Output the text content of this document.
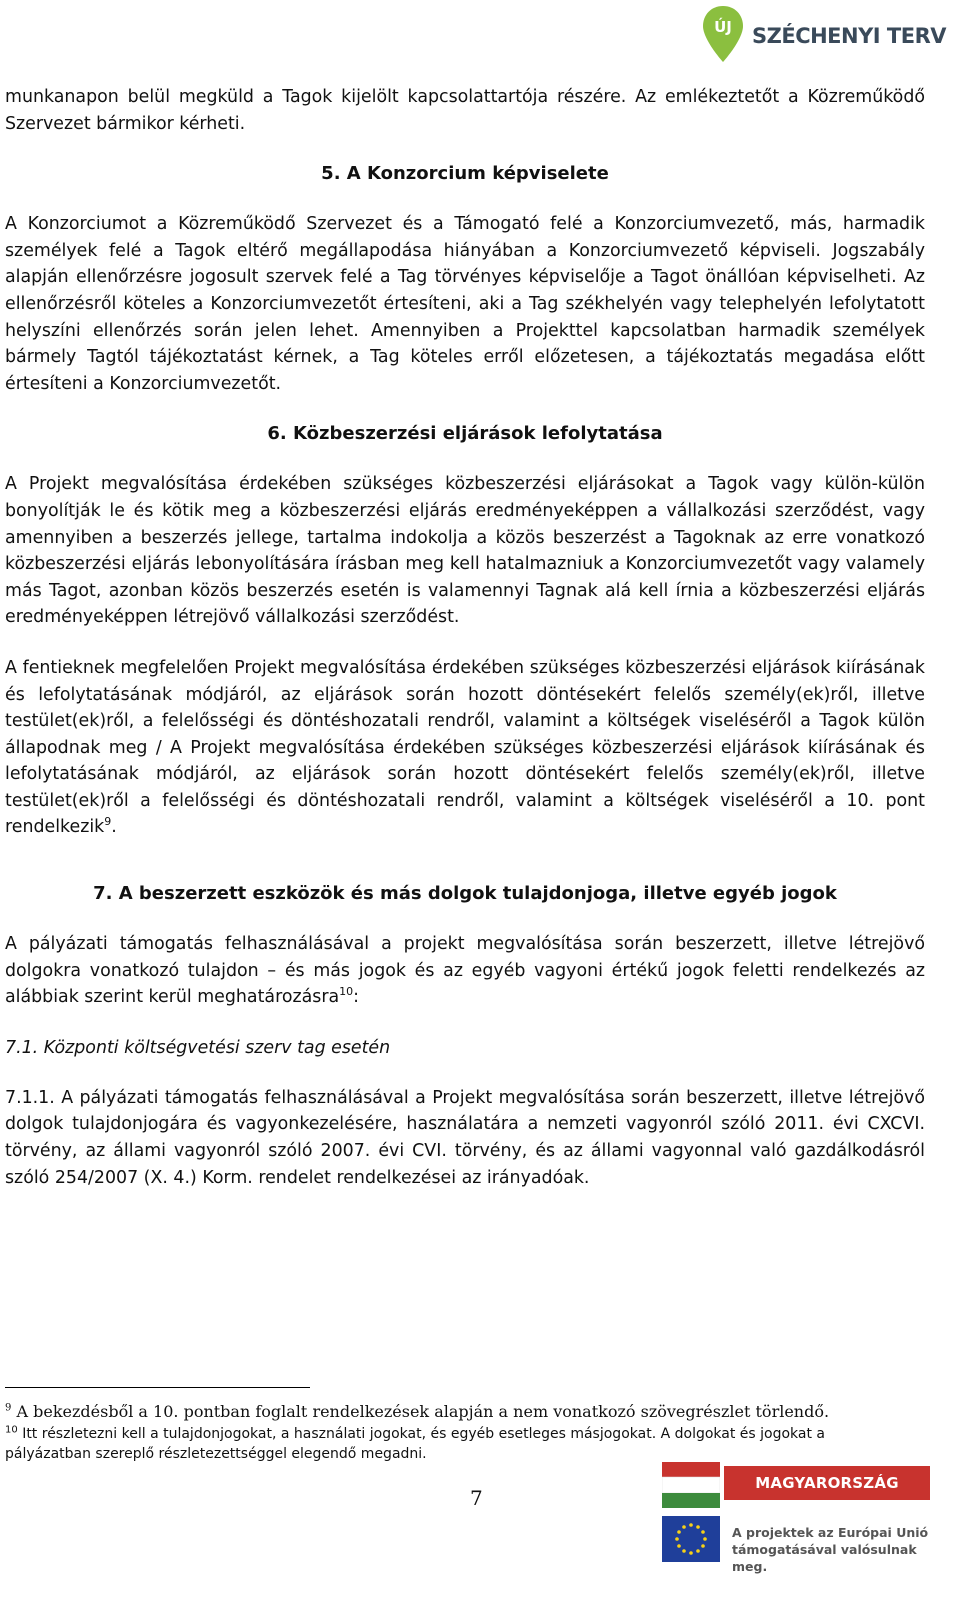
ÚJ SZÉCHENYI TERV

munkanapon belül megküld a Tagok kijelölt kapcsolattartója részére. Az emlékeztetőt a Közreműködő Szervezet bármikor kérheti.

5. A Konzorcium képviselete

A Konzorciumot a Közreműködő Szervezet és a Támogató felé a Konzorciumvezető, más, harmadik személyek felé a Tagok eltérő megállapodása hiányában a Konzorciumvezető képviseli. Jogszabály alapján ellenőrzésre jogosult szervek felé a Tag törvényes képviselője a Tagot önállóan képviselheti. Az ellenőrzésről köteles a Konzorciumvezetőt értesíteni, aki a Tag székhelyén vagy telephelyén lefolytatott helyszíni ellenőrzés során jelen lehet. Amennyiben a Projekttel kapcsolatban harmadik személyek bármely Tagtól tájékoztatást kérnek, a Tag köteles erről előzetesen, a tájékoztatás megadása előtt értesíteni a Konzorciumvezetőt.

6. Közbeszerzési eljárások lefolytatása

A Projekt megvalósítása érdekében szükséges közbeszerzési eljárásokat a Tagok vagy külön-külön bonyolítják le és kötik meg a közbeszerzési eljárás eredményeképpen a vállalkozási szerződést, vagy amennyiben a beszerzés jellege, tartalma indokolja a közös beszerzést a Tagoknak az erre vonatkozó közbeszerzési eljárás lebonyolítására írásban meg kell hatalmazniuk a Konzorciumvezetőt vagy valamely más Tagot, azonban közös beszerzés esetén is valamennyi Tagnak alá kell írnia a közbeszerzési eljárás eredményeképpen létrejövő vállalkozási szerződést.

A fentieknek megfelelően Projekt megvalósítása érdekében szükséges közbeszerzési eljárások kiírásának és lefolytatásának módjáról, az eljárások során hozott döntésekért felelős személy(ek)ről, illetve testület(ek)ről, a felelősségi és döntéshozatali rendről, valamint a költségek viseléséről a Tagok külön állapodnak meg / A Projekt megvalósítása érdekében szükséges közbeszerzési eljárások kiírásának és lefolytatásának módjáról, az eljárások során hozott döntésekért felelős személy(ek)ről, illetve testület(ek)ről a felelősségi és döntéshozatali rendről, valamint a költségek viseléséről a 10. pont rendelkezik$^9$.

7. A beszerzett eszközök és más dolgok tulajdonjoga, illetve egyéb jogok

A pályázati támogatás felhasználásával a projekt megvalósítása során beszerzett, illetve létrejövő dolgokra vonatkozó tulajdon – és más jogok és az egyéb vagyoni értékű jogok feletti rendelkezés az alábbiak szerint kerül meghatározásra$^{10}$:

7.1. Központi költségvetési szerv tag esetén

7.1.1. A pályázati támogatás felhasználásával a Projekt megvalósítása során beszerzett, illetve létrejövő dolgok tulajdonjogára és vagyonkezelésére, használatára a nemzeti vagyonról szóló 2011. évi CXCVI. törvény, az állami vagyonról szóló 2007. évi CVI. törvény, és az állami vagyonnal való gazdálkodásról szóló 254/2007 (X. 4.) Korm. rendelet rendelkezései az irányadóak.

$^9$ A bekezdésből a 10. pontban foglalt rendelkezések alapján a nem vonatkozó szövegrészlet törlendő.
$^{10}$ Itt részletezni kell a tulajdonjogokat, a használati jogokat, és egyéb esetleges másjogokat. A dolgokat és jogokat a pályázatban szereplő részletezettséggel elegendő megadni.
7
MAGYARORSZÁG MEGÚJUL
A projektek az Európai Unió
támogatásával valósulnak meg.
